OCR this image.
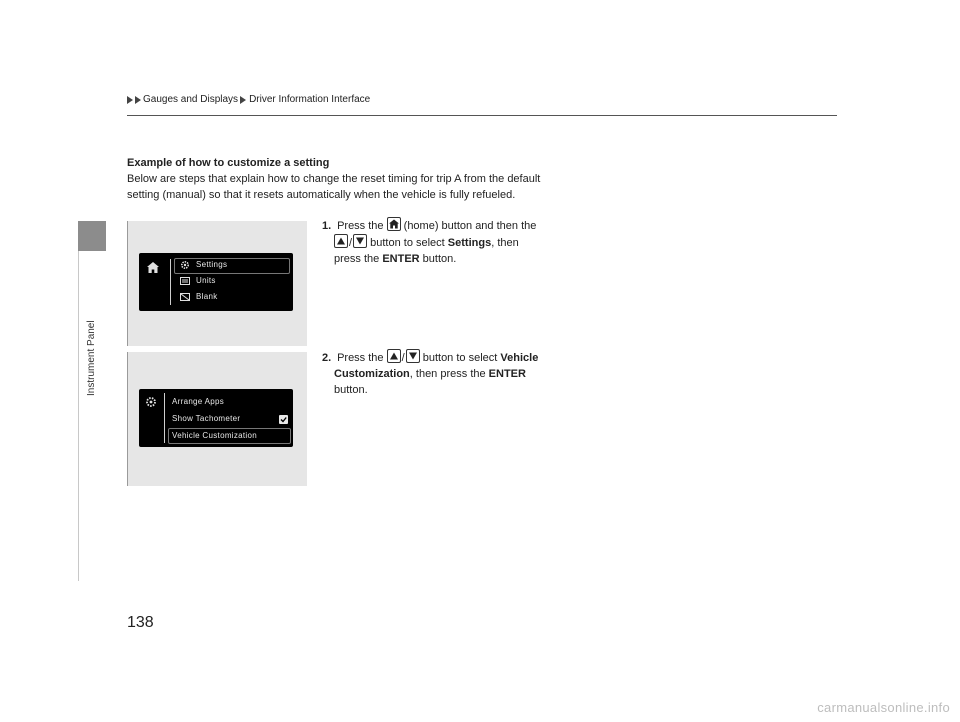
Instrument Panel
Gauges and Displays Driver Information Interface
Example of how to customize a setting
Below are steps that explain how to change the reset timing for trip A from the default setting (manual) so that it resets automatically when the vehicle is fully refueled.
Settings
Units
Blank
Arrange Apps
Show Tachometer
Vehicle Customization
1. Press the (home) button and then the
/ button to select Settings, then
press the ENTER button.
2. Press the / button to select Vehicle
Customization, then press the ENTER
button.
138
carmanualsonline.info
